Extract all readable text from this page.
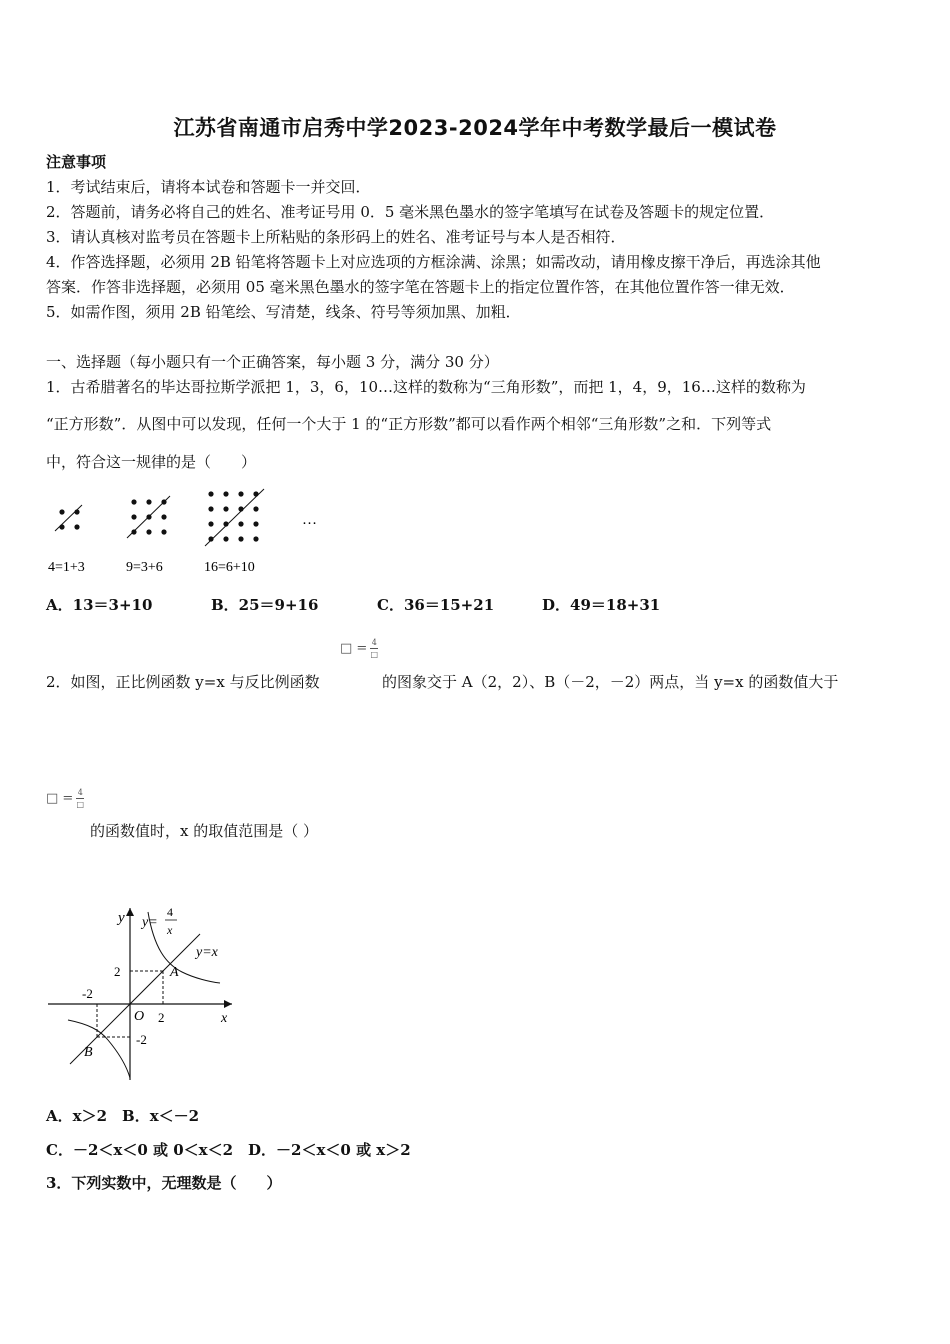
江苏省南通市启秀中学2023-2024学年中考数学最后一模试卷
注意事项
1．考试结束后，请将本试卷和答题卡一并交回．
2．答题前，请务必将自己的姓名、准考证号用 0．5 毫米黑色墨水的签字笔填写在试卷及答题卡的规定位置．
3．请认真核对监考员在答题卡上所粘贴的条形码上的姓名、准考证号与本人是否相符．
4．作答选择题，必须用 2B 铅笔将答题卡上对应选项的方框涂满、涂黑；如需改动，请用橡皮擦干净后，再选涂其他
答案．作答非选择题，必须用 05 毫米黑色墨水的签字笔在答题卡上的指定位置作答，在其他位置作答一律无效．
5．如需作图，须用 2B 铅笔绘、写清楚，线条、符号等须加黑、加粗．
一、选择题（每小题只有一个正确答案，每小题 3 分，满分 30 分）
1．古希腊著名的毕达哥拉斯学派把 1，3，6，10…这样的数称为“三角形数”，而把 1，4，9，16…这样的数称为
“正方形数”．从图中可以发现，任何一个大于 1 的“正方形数”都可以看作两个相邻“三角形数”之和．下列等式
中，符合这一规律的是（　　）
…
4=1+3	9=3+6	16=6+10
A．13＝3+10	B．25＝9+16	C．36＝15+21	D．49＝18+31
□ = $\frac{4}{□}$
2．如图，正比例函数 y=x 与反比例函数	的图象交于 A（2，2）、B（－2，－2）两点，当 y=x 的函数值大于
□ = $\frac{4}{□}$
的函数值时，x 的取值范围是（ ）
y
x
O
y=
4
x
y=x
2
2
-2
-2
A
B
A．x＞2　B．x＜－2
C．－2＜x＜0 或 0＜x＜2　D．－2＜x＜0 或 x＞2
3．下列实数中，无理数是（　　）
